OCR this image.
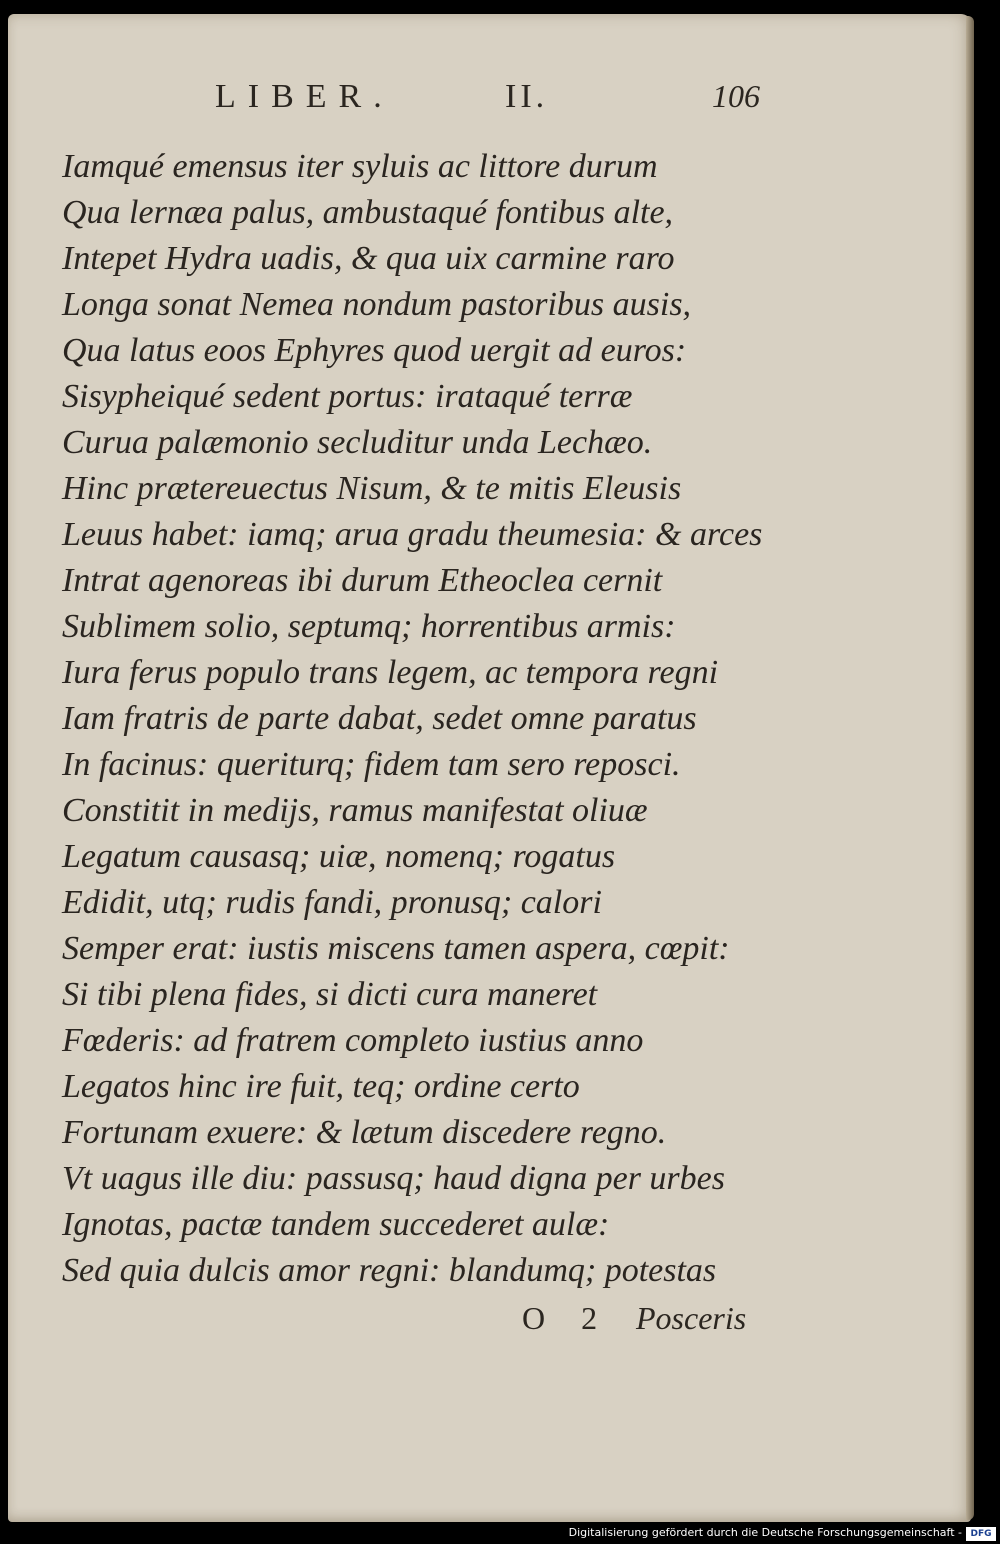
LIBER.	II.	106
Iamqué emensus iter syluis ac littore durum
Qua lernæa palus, ambustaqué fontibus alte,
Intepet Hydra uadis, & qua uix carmine raro
Longa sonat Nemea nondum pastoribus ausis,
Qua latus eoos Ephyres quod uergit ad euros:
Sisypheiqué sedent portus: irataqué terræ
Curua palæmonio secluditur unda Lechæo.
Hinc prætereuectus Nisum, & te mitis Eleusis
Leuus habet: iamq; arua gradu theumesia: & arces
Intrat agenoreas ibi durum Etheoclea cernit
Sublimem solio, septumq; horrentibus armis:
Iura ferus populo trans legem, ac tempora regni
Iam fratris de parte dabat, sedet omne paratus
In facinus: queriturq; fidem tam sero reposci.
Constitit in medijs, ramus manifestat oliuæ
Legatum causasq; uiæ, nomenq; rogatus
Edidit, utq; rudis fandi, pronusq; calori
Semper erat: iustis miscens tamen aspera, cœpit:
Si tibi plena fides, si dicti cura maneret
Fœderis: ad fratrem completo iustius anno
Legatos hinc ire fuit, teq; ordine certo
Fortunam exuere: & lætum discedere regno.
Vt uagus ille diu: passusq; haud digna per urbes
Ignotas, pactæ tandem succederet aulæ:
Sed quia dulcis amor regni: blandumq; potestas
O 2 Posceris
Digitalisierung gefördert durch die Deutsche Forschungsgemeinschaft - DFG
